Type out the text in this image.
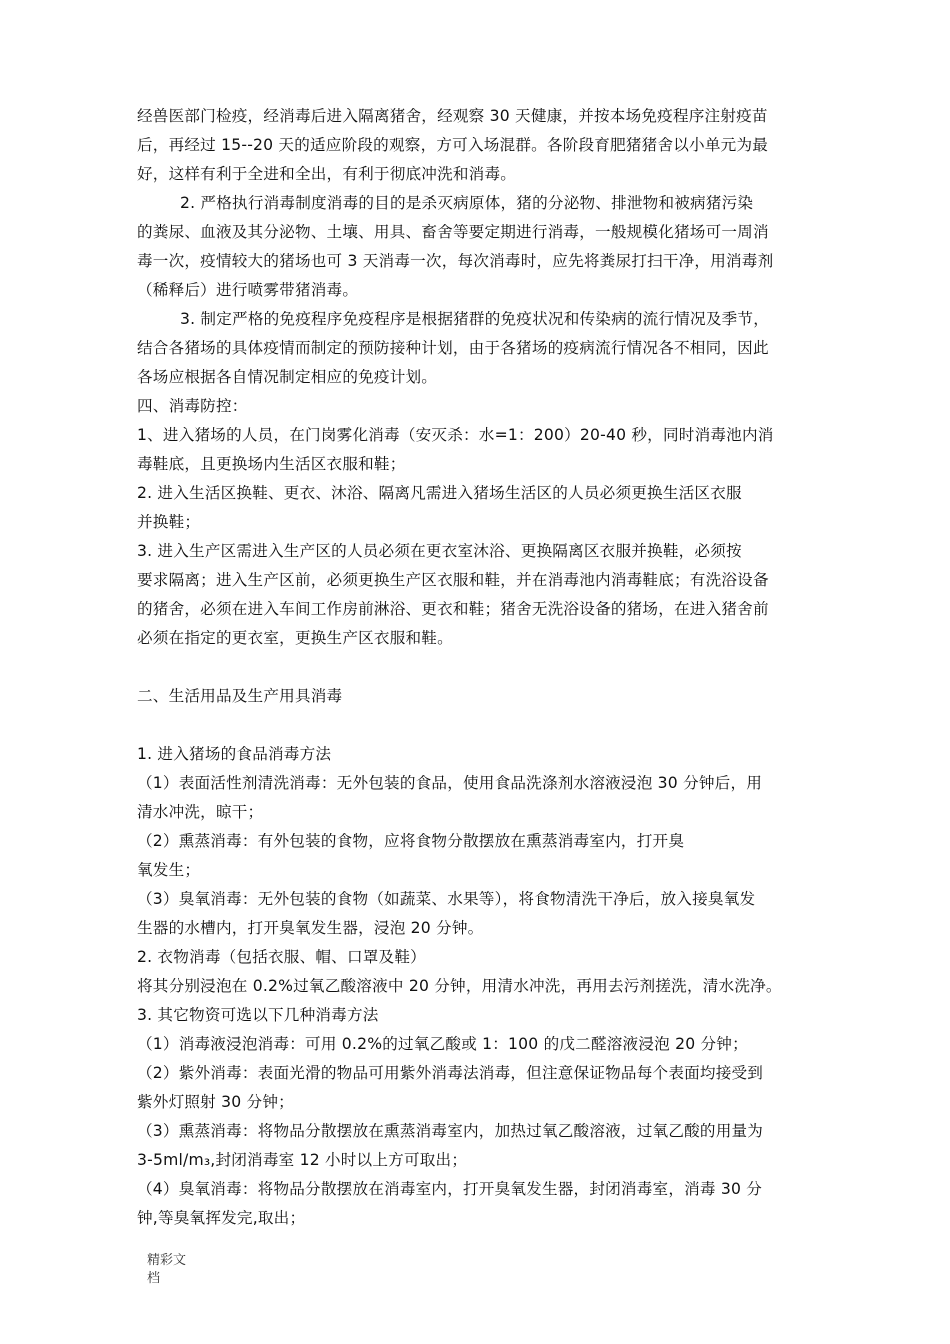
经兽医部门检疫，经消毒后进入隔离猪舍，经观察 30 天健康，并按本场免疫程序注射疫苗
后，再经过 15--20 天的适应阶段的观察，方可入场混群。各阶段育肥猪猪舍以小单元为最
好，这样有利于全进和全出，有利于彻底冲洗和消毒。
2. 严格执行消毒制度消毒的目的是杀灭病原体，猪的分泌物、排泄物和被病猪污染
的粪尿、血液及其分泌物、土壤、用具、畜舍等要定期进行消毒，一般规模化猪场可一周消
毒一次，疫情较大的猪场也可 3 天消毒一次，每次消毒时，应先将粪尿打扫干净，用消毒剂
（稀释后）进行喷雾带猪消毒。
3. 制定严格的免疫程序免疫程序是根据猪群的免疫状况和传染病的流行情况及季节，
结合各猪场的具体疫情而制定的预防接种计划，由于各猪场的疫病流行情况各不相同，因此
各场应根据各自情况制定相应的免疫计划。
四、消毒防控：
1、进入猪场的人员，在门岗雾化消毒（安灭杀：水=1：200）20-40 秒，同时消毒池内消
毒鞋底，且更换场内生活区衣服和鞋；
2. 进入生活区换鞋、更衣、沐浴、隔离凡需进入猪场生活区的人员必须更换生活区衣服
并换鞋；
3. 进入生产区需进入生产区的人员必须在更衣室沐浴、更换隔离区衣服并换鞋，必须按
要求隔离；进入生产区前，必须更换生产区衣服和鞋，并在消毒池内消毒鞋底；有洗浴设备
的猪舍，必须在进入车间工作房前淋浴、更衣和鞋；猪舍无洗浴设备的猪场，在进入猪舍前
必须在指定的更衣室，更换生产区衣服和鞋。
二、生活用品及生产用具消毒
1. 进入猪场的食品消毒方法
（1）表面活性剂清洗消毒：无外包装的食品，使用食品洗涤剂水溶液浸泡 30 分钟后，用
清水冲洗，晾干；
（2）熏蒸消毒：有外包装的食物，应将食物分散摆放在熏蒸消毒室内，打开臭
氧发生；
（3）臭氧消毒：无外包装的食物（如蔬菜、水果等），将食物清洗干净后，放入接臭氧发
生器的水槽内，打开臭氧发生器，浸泡 20 分钟。
2. 衣物消毒（包括衣服、帽、口罩及鞋）
将其分别浸泡在 0.2%过氧乙酸溶液中 20 分钟，用清水冲洗，再用去污剂搓洗，清水洗净。
3. 其它物资可选以下几种消毒方法
（1）消毒液浸泡消毒：可用 0.2%的过氧乙酸或 1：100 的戊二醛溶液浸泡 20 分钟；
（2）紫外消毒：表面光滑的物品可用紫外消毒法消毒，但注意保证物品每个表面均接受到
紫外灯照射 30 分钟；
（3）熏蒸消毒：将物品分散摆放在熏蒸消毒室内，加热过氧乙酸溶液，过氧乙酸的用量为
3-5ml/m₃,封闭消毒室 12 小时以上方可取出；
（4）臭氧消毒：将物品分散摆放在消毒室内，打开臭氧发生器，封闭消毒室，消毒 30 分
钟,等臭氧挥发完,取出；
精彩文
档
